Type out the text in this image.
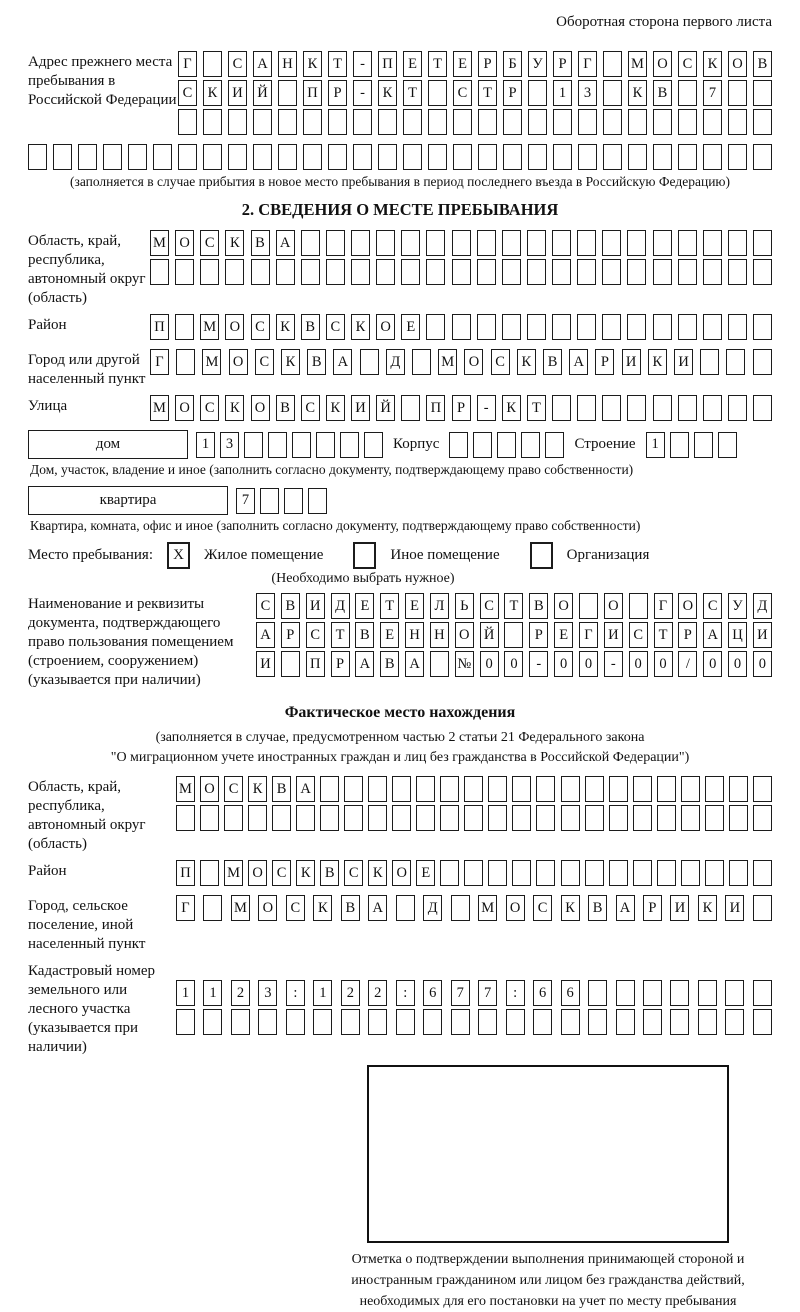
Оборотная сторона первого листа
Адрес прежнего места пребывания в Российской Федерации
Г	С	А Н	К	Т	-	П	Е	Т	Е	Р	Б	У	Р	Г	М О	С	К	О	В
С	К	И Й	П	Р	-	К	Т	С	Т	Р	1	3	К	В	7
(заполняется в случае прибытия в новое место пребывания в период последнего въезда в Российскую Федерацию)
2. СВЕДЕНИЯ О МЕСТЕ ПРЕБЫВАНИЯ
Область, край, республика, автономный округ (область)
М О	С	К	В	А
Район	П	М О	С	К	В	С	К	О	Е
Город или другой населенный пункт
Г	М О	С	К	В	А	Д	М О	С	К	В	А	Р	И	К	И
Улица	М О	С	К	О	В	С	К	И Й	П	Р	-	К	Т
дом	1	3	Корпус	Строение	1
Дом, участок, владение и иное (заполнить согласно документу, подтверждающему право собственности)
квартира	7
Квартира, комната, офис и иное (заполнить согласно документу, подтверждающему право собственности)
Место пребывания:	X	Жилое помещение	Иное помещение	Организация
(Необходимо выбрать нужное)
Наименование и реквизиты документа, подтверждающего право пользования помещением (строением, сооружением) (указывается при наличии)
С	В	И	Д	Е	Т	Е	Л	Ь	С	Т	В	О	О	Г	О	С	У	Д
А	Р	С	Т	В	Е	Н Н О Й	Р	Е	Г	И	С	Т	Р	А Ц И
И	П	Р	А	В	А	№ 0	0	-	0	0	-	0	0	/	0	0	0
Фактическое место нахождения
(заполняется в случае, предусмотренном частью 2 статьи 21 Федерального закона
"О миграционном учете иностранных граждан и лиц без гражданства в Российской Федерации")
Область, край, республика, автономный округ (область)
М О С К В А
Район	П	М О С К В С К О Е
Город, сельское поселение, иной населенный пункт
Г	М О	С	К	В	А	Д	М О	С	К	В	А	Р	И	К	И
Кадастровый номер земельного или лесного участка (указывается при наличии)
1	1	2	3	:	1	2	2	:	6	7	7	:	6	6
Отметка о подтверждении выполнения принимающей стороной и иностранным гражданином или лицом без гражданства действий, необходимых для его постановки на учет по месту пребывания
